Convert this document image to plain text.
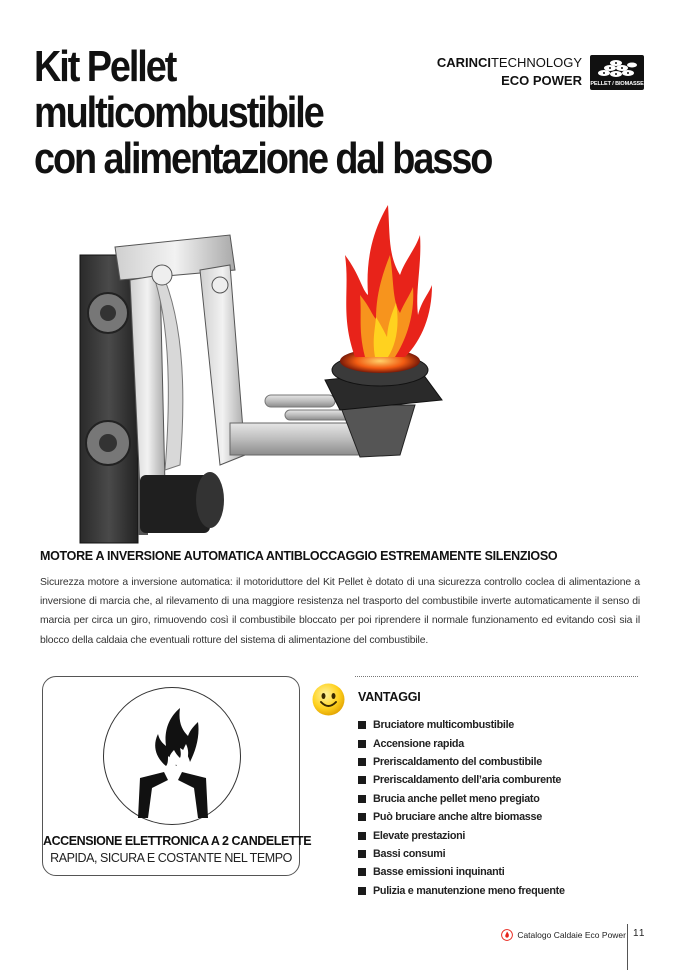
Kit Pellet
multicombustibile
con alimentazione dal basso
CARINCITECHNOLOGY
ECO POWER PELLET / BIOMASSE
MOTORE A INVERSIONE AUTOMATICA ANTIBLOCCAGGIO ESTREMAMENTE SILENZIOSO

Sicurezza motore a inversione automatica: il motoriduttore del Kit Pellet è dotato di una sicurezza controllo coclea di alimentazione a inversione di marcia che, al rilevamento di una maggiore resistenza nel trasporto del combustibile inverte automaticamente il senso di marcia per circa un giro, rimuovendo così il combustibile bloccato per poi riprendere il normale funzionamento ed evitando così sia il blocco della caldaia che eventuali rotture del sistema di alimentazione del combustibile.

ACCENSIONE ELETTRONICA A 2 CANDELETTE
RAPIDA, SICURA E COSTANTE NEL TEMPO
VANTAGGI
Bruciatore multicombustibile
Accensione rapida
Preriscaldamento del combustibile
Preriscaldamento dell’aria comburente
Brucia anche pellet meno pregiato
Può bruciare anche altre biomasse
Elevate prestazioni
Bassi consumi
Basse emissioni inquinanti
Pulizia e manutenzione meno frequente
Catalogo Caldaie Eco Power 11
